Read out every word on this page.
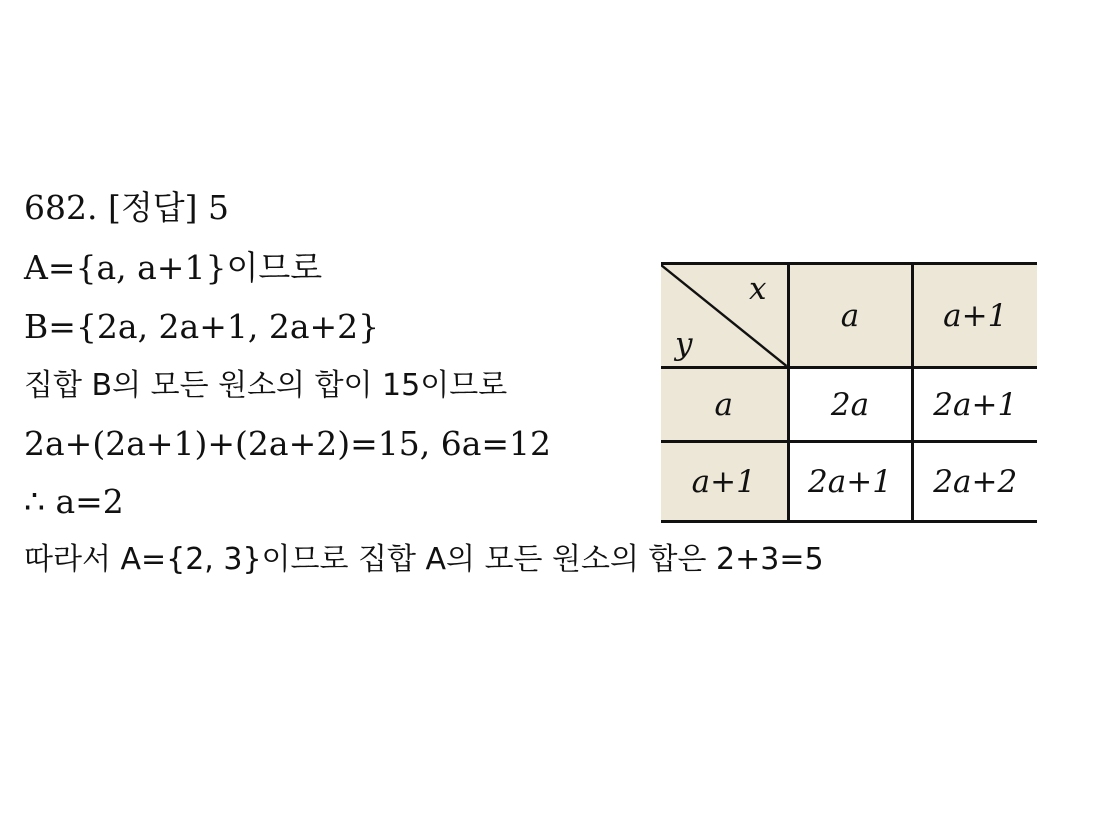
682. [정답] 5
A={a, a+1}이므로
B={2a, 2a+1, 2a+2}
집합 B의 모든 원소의 합이 15이므로
2a+(2a+1)+(2a+2)=15, 6a=12
∴ a=2
따라서 A={2, 3}이므로 집합 A의 모든 원소의 합은 2+3=5
x
y	a	a+1
a	2a	2a+1
a+1	2a+1	2a+2
